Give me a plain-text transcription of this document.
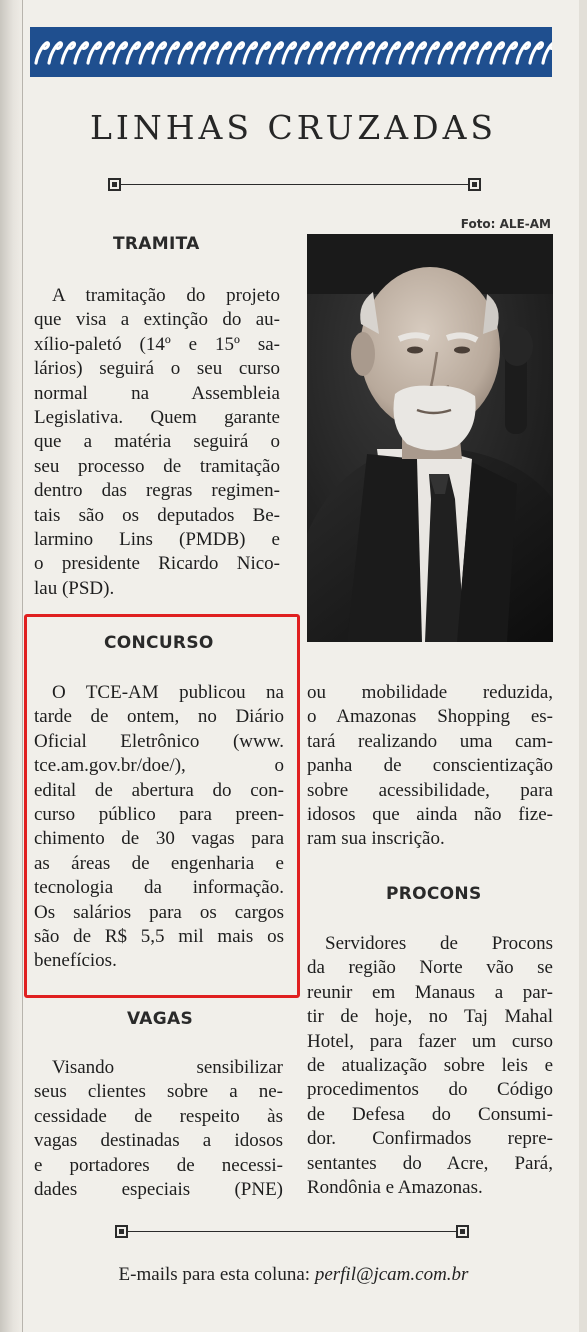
LINHAS CRUZADAS
Foto: ALE-AM
TRAMITA
A tramitação do projeto
que visa a extinção do au-
xílio-paletó (14º e 15º sa-
lários) seguirá o seu curso
normal na Assembleia
Legislativa. Quem garante
que a matéria seguirá o
seu processo de tramitação
dentro das regras regimen-
tais são os deputados Be-
larmino Lins (PMDB) e
o presidente Ricardo Nico-
lau (PSD).
CONCURSO
O TCE-AM publicou na
tarde de ontem, no Diário
Oficial Eletrônico (www.
tce.am.gov.br/doe/), o
edital de abertura do con-
curso público para preen-
chimento de 30 vagas para
as áreas de engenharia e
tecnologia da informação.
Os salários para os cargos
são de R$ 5,5 mil mais os
benefícios.
VAGAS
Visando sensibilizar
seus clientes sobre a ne-
cessidade de respeito às
vagas destinadas a idosos
e portadores de necessi-
dades especiais (PNE)
ou mobilidade reduzida,
o Amazonas Shopping es-
tará realizando uma cam-
panha de conscientização
sobre acessibilidade, para
idosos que ainda não fize-
ram sua inscrição.
PROCONS
Servidores de Procons
da região Norte vão se
reunir em Manaus a par-
tir de hoje, no Taj Mahal
Hotel, para fazer um curso
de atualização sobre leis e
procedimentos do Código
de Defesa do Consumi-
dor. Confirmados repre-
sentantes do Acre, Pará,
Rondônia e Amazonas.
E-mails para esta coluna: perfil@jcam.com.br
